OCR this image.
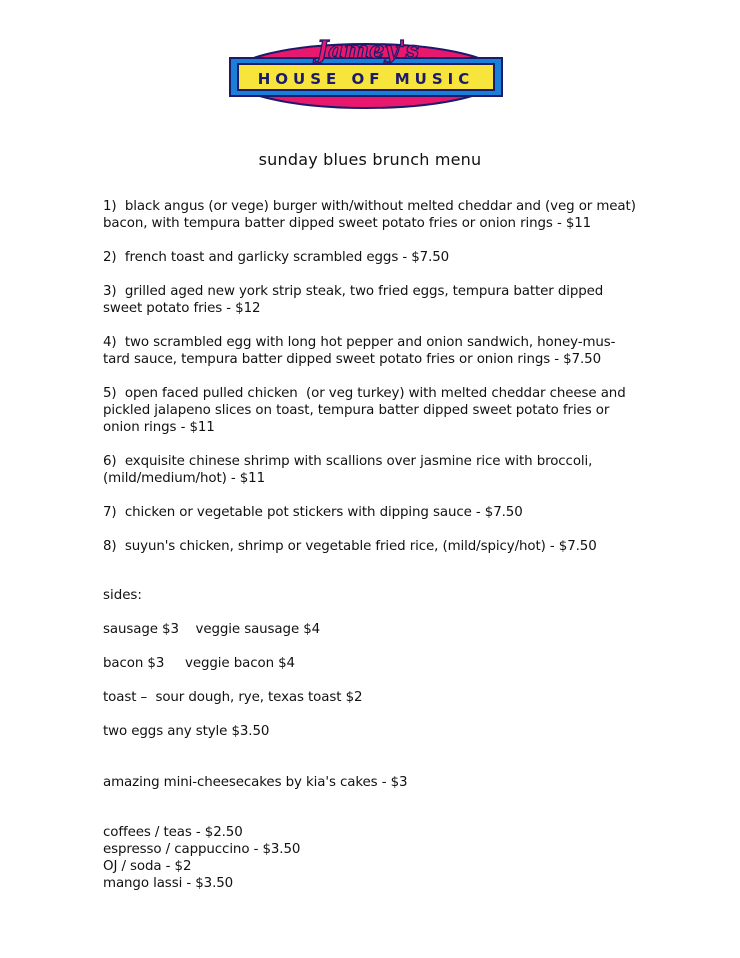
HOUSE OF MUSIC
Jamey's
sunday blues brunch menu

1)  black angus (or vege) burger with/without melted cheddar and (veg or meat) bacon, with tempura batter dipped sweet potato fries or onion rings - $11

2)  french toast and garlicky scrambled eggs - $7.50

3)  grilled aged new york strip steak, two fried eggs, tempura batter dipped sweet potato fries - $12

4)  two scrambled egg with long hot pepper and onion sandwich, honey-mus-tard sauce, tempura batter dipped sweet potato fries or onion rings - $7.50

5)  open faced pulled chicken  (or veg turkey) with melted cheddar cheese and pickled jalapeno slices on toast, tempura batter dipped sweet potato fries or onion rings - $11

6)  exquisite chinese shrimp with scallions over jasmine rice with broccoli, (mild/medium/hot) - $11

7)  chicken or vegetable pot stickers with dipping sauce - $7.50

8)  suyun's chicken, shrimp or vegetable fried rice, (mild/spicy/hot) - $7.50

sides:

sausage $3    veggie sausage $4

bacon $3     veggie bacon $4

toast –  sour dough, rye, texas toast $2

two eggs any style $3.50

amazing mini-cheesecakes by kia's cakes - $3

coffees / teas - $2.50

espresso / cappuccino - $3.50

OJ / soda - $2

mango lassi - $3.50
